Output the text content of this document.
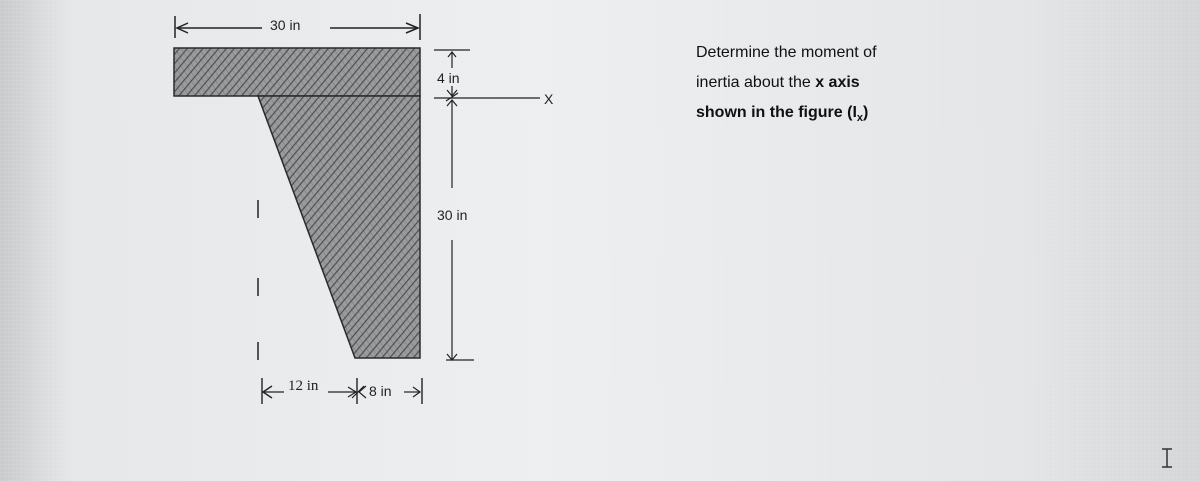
30 in
4 in
X
30 in
12 in	8 in
Determine the moment of
inertia about the x axis
shown in the figure $(I_x)$
